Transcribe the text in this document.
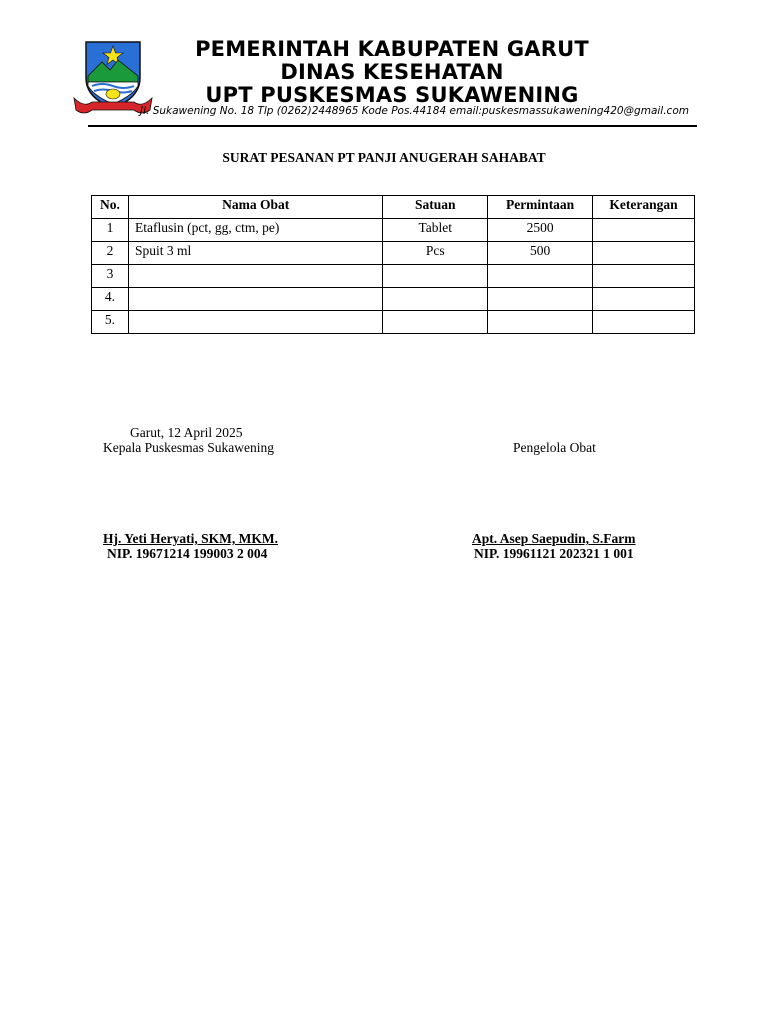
PEMERINTAH KABUPATEN GARUT
DINAS KESEHATAN
UPT PUSKESMAS SUKAWENING
Jl. Sukawening No. 18 Tlp (0262)2448965 Kode Pos.44184 email:puskesmassukawening420@gmail.com
SURAT PESANAN PT PANJI ANUGERAH SAHABAT
No.	Nama Obat	Satuan	Permintaan	Keterangan
1	Etaflusin (pct, gg, ctm, pe)	Tablet	2500	
2	Spuit 3 ml	Pcs	500	
3				
4.				
5.				
Garut, 12 April 2025
Kepala Puskesmas Sukawening	Pengelola Obat
Hj. Yeti Heryati, SKM, MKM.
NIP. 19671214 199003 2 004
Apt. Asep Saepudin, S.Farm
NIP. 19961121 202321 1 001
